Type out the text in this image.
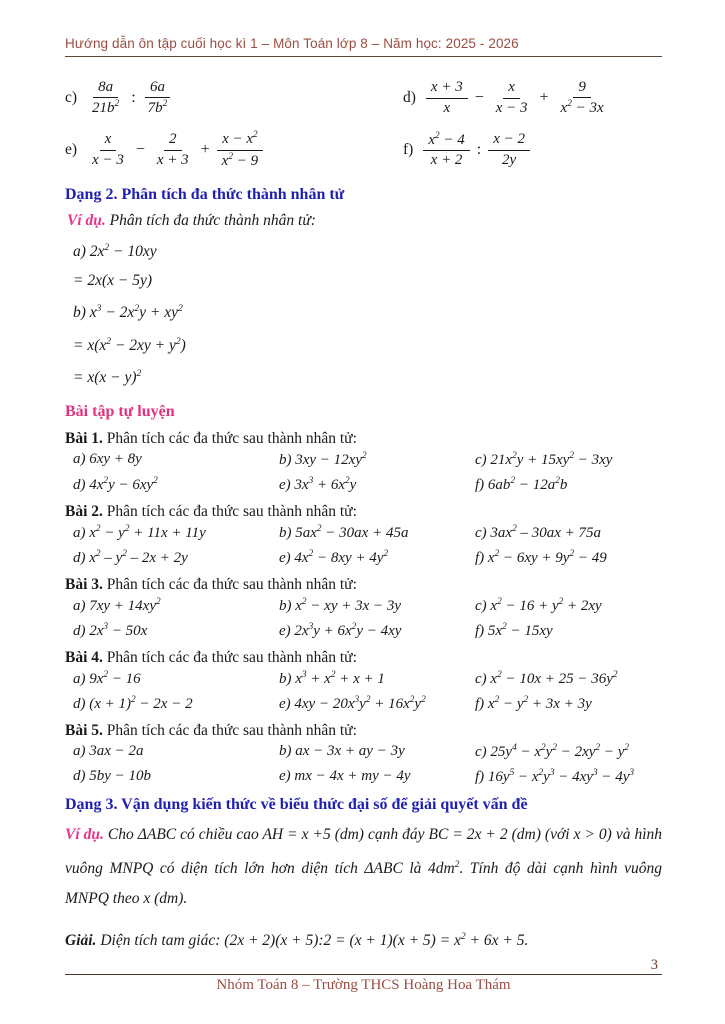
Hướng dẫn ôn tập cuối học kì 1 – Môn Toán lớp 8 – Năm học: 2025 - 2026
$c) \frac{8a}{21b^2}$ : $\frac{6a}{7b^2}$	$d) \frac{x + 3}{x} - \frac{x}{x - 3} + \frac{9}{x^2 - 3x}$
$e) \frac{x}{x - 3} - \frac{2}{x + 3} + \frac{x - x^2}{x^2 - 9}$	$f) \frac{x^2 - 4}{x + 2}$ : $\frac{x - 2}{2y}$
Dạng 2. Phân tích đa thức thành nhân tử
Ví dụ. Phân tích đa thức thành nhân tử:
a) $2x^2 - 10xy$
= 2x(x − 5y)
b) $x^3 - 2x^2y + xy^2$
= $x(x^2 - 2xy + y^2)$
= $x(x - y)^2$
Bài tập tự luyện
Bài 1. Phân tích các đa thức sau thành nhân tử:
a) 6xy + 8y	b) $3xy - 12xy^2$	c) $21x^2y + 15xy^2 - 3xy$
d) $4x^2y - 6xy^2$	e) $3x^3 + 6x^2y$	f) $6ab^2 - 12a^2b$
Bài 2. Phân tích các đa thức sau thành nhân tử:
a) $x^2 - y^2 + 11x + 11y$	b) $5ax^2 - 30ax + 45a$	c) $3ax^2 - 30ax + 75a$
d) $x^2 - y^2 - 2x + 2y$	e) $4x^2 - 8xy + 4y^2$	f) $x^2 - 6xy + 9y^2 - 49$
Bài 3. Phân tích các đa thức sau thành nhân tử:
a) $7xy + 14xy^2$	b) $x^2$ − xy + 3x − 3y	c) $x^2 - 16 + y^2 + 2xy$
d) $2x^3 - 50x$	e) $2x^3y + 6x^2y - 4xy$	f) $5x^2 - 15xy$
Bài 4. Phân tích các đa thức sau thành nhân tử:
a) $9x^2 - 16$	b) $x^3 + x^2 + x + 1$	c) $x^2 - 10x + 25 - 36y^2$
d) $(x + 1)^2 - 2x - 2$	e) $4xy - 20x^3y^2 + 16x^2y^2$	f) $x^2 - y^2 + 3x + 3y$
Bài 5. Phân tích các đa thức sau thành nhân tử:
a) 3ax − 2a	b) ax − 3x + ay − 3y	c) $25y^4 - x^2y^2 - 2xy^2 - y^2$
d) 5by − 10b	e) mx − 4x + my − 4y	f) $16y^5 - x^2y^3 - 4xy^3 - 4y^3$
Dạng 3. Vận dụng kiến thức về biểu thức đại số để giải quyết vấn đề
Ví dụ. Cho ΔABC có chiều cao AH = x +5 (dm) cạnh đáy BC = 2x + 2 (dm) (với x > 0) và hình vuông MNPQ có diện tích lớn hơn diện tích ΔABC là $4dm^2$. Tính độ dài cạnh hình vuông MNPQ theo x (dm).
Giải. Diện tích tam giác: (2x + 2)(x + 5):2 = $(x + 1)(x + 5) = x^2 + 6x + 5$.
3
Nhóm Toán 8 – Trường THCS Hoàng Hoa Thám
